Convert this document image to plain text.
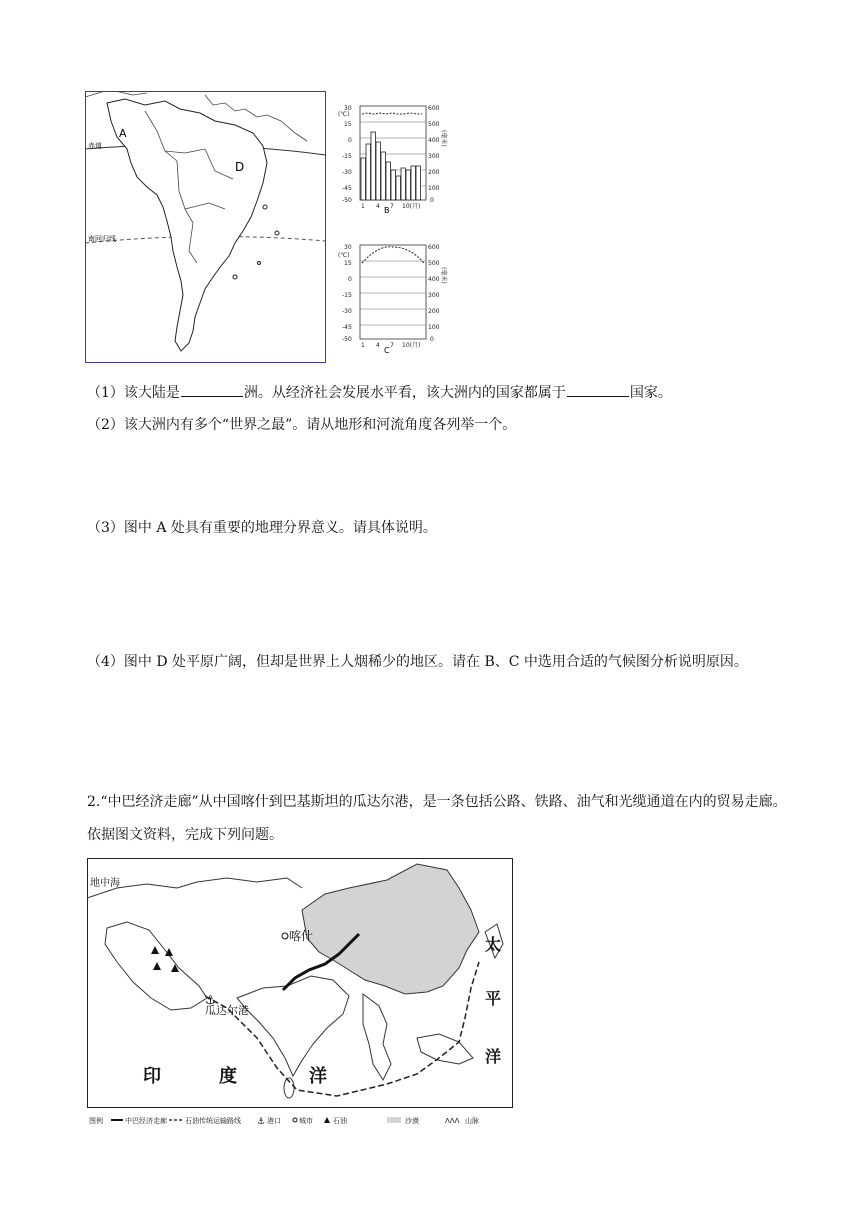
赤道
南回归线
A
D
(℃)
(毫米)
30
15
0
-15
-30
-45
-50
600
500
400
300
200
100
0
1 4 7 10(月)
B
(℃)
(毫米)
30
15
0
-15
-30
-45
-50
600
500
400
300
200
100
0
1 4 7 10(月)
C
（1）该大陆是	洲。从经济社会发展水平看，该大洲内的国家都属于	国家。
（2）该大洲内有多个“世界之最”。请从地形和河流角度各列举一个。
（3）图中 A 处具有重要的地理分界意义。请具体说明。
（4）图中 D 处平原广阔，但却是世界上人烟稀少的地区。请在 B、C 中选用合适的气候图分析说明原因。
2.“中巴经济走廊”从中国喀什到巴基斯坦的瓜达尔港，是一条包括公路、铁路、油气和光缆通道在内的贸易走廊。依据图文资料，完成下列问题。
⚓
地中海
喀什
瓜达尔港
印	度	洋
太
平
洋
图例	中巴经济走廊	石油传统运输路线 ⚓ 港口	城市	石油	沙漠	ᐱᐱᐱ 山脉
